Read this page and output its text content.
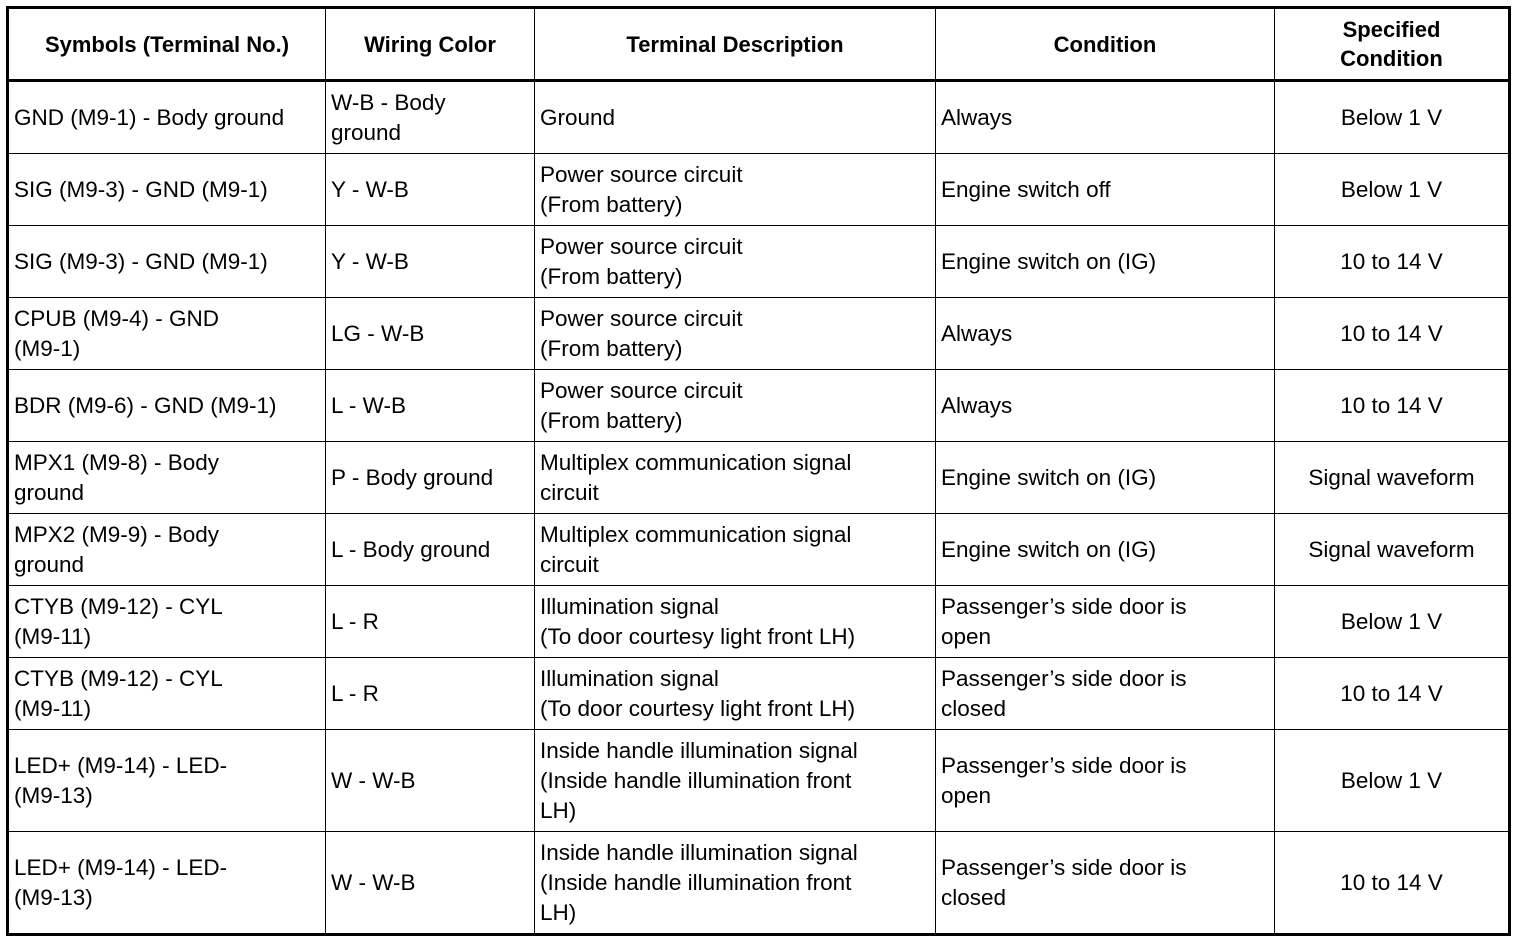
Symbols (Terminal No.)	Wiring Color	Terminal Description	Condition	Specified
Condition

GND (M9-1) - Body ground	W-B - Body
ground	Ground	Always	Below 1 V

SIG (M9-3) - GND (M9-1)	Y - W-B	Power source circuit
(From battery)	Engine switch off	Below 1 V

SIG (M9-3) - GND (M9-1)	Y - W-B	Power source circuit
(From battery)	Engine switch on (IG)	10 to 14 V

CPUB (M9-4) - GND
(M9-1)	LG - W-B	Power source circuit
(From battery)	Always	10 to 14 V

BDR (M9-6) - GND (M9-1)	L - W-B	Power source circuit
(From battery)	Always	10 to 14 V

MPX1 (M9-8) - Body
ground	P - Body ground	Multiplex communication signal
circuit	Engine switch on (IG)	Signal waveform

MPX2 (M9-9) - Body
ground	L - Body ground	Multiplex communication signal
circuit	Engine switch on (IG)	Signal waveform

CTYB (M9-12) - CYL
(M9-11)	L - R	Illumination signal
(To door courtesy light front LH)	Passenger’s side door is
open	Below 1 V

CTYB (M9-12) - CYL
(M9-11)	L - R	Illumination signal
(To door courtesy light front LH)	Passenger’s side door is
closed	10 to 14 V

LED+ (M9-14) - LED-
(M9-13)	W - W-B	Inside handle illumination signal
(Inside handle illumination front
LH)	Passenger’s side door is
open	Below 1 V

LED+ (M9-14) - LED-
(M9-13)	W - W-B	Inside handle illumination signal
(Inside handle illumination front
LH)	Passenger’s side door is
closed	10 to 14 V
